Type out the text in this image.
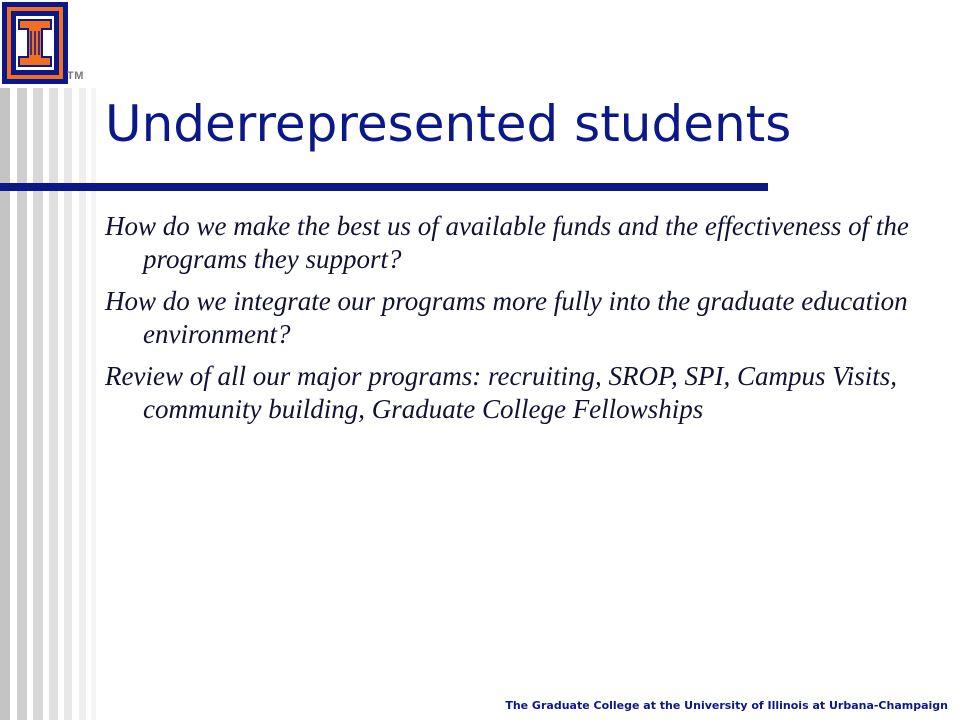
TM
Underrepresented students
How do we make the best us of available funds and the effectiveness of the programs they support?
How do we integrate our programs more fully into the graduate education environment?
Review of all our major programs: recruiting, SROP, SPI, Campus Visits, community building, Graduate College Fellowships
The Graduate College at the University of Illinois at Urbana-Champaign
